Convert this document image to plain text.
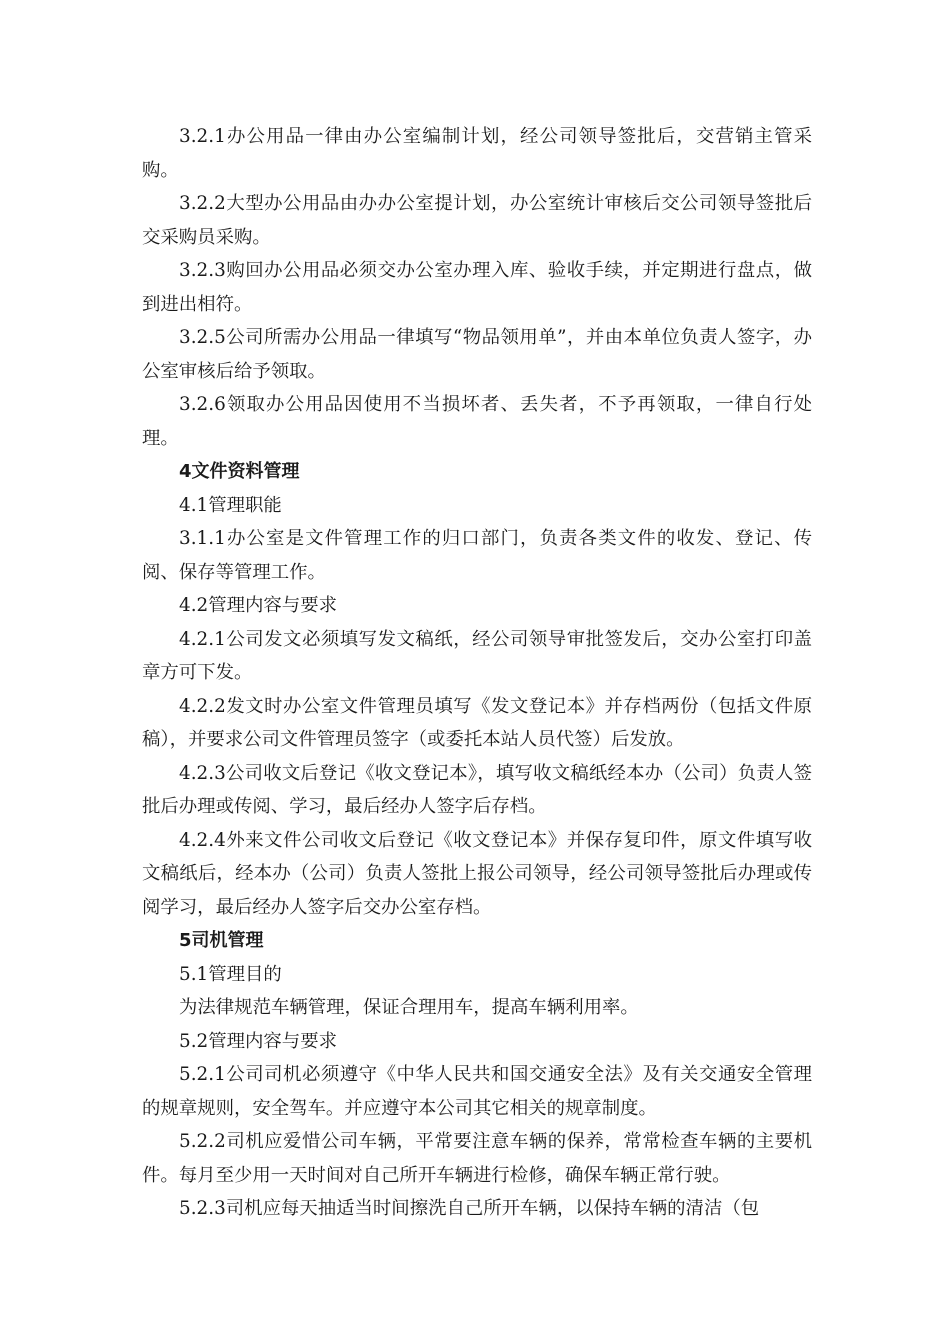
3.2.1办公用品一律由办公室编制计划，经公司领导签批后，交营销主管采购。

3.2.2大型办公用品由办办公室提计划，办公室统计审核后交公司领导签批后交采购员采购。

3.2.3购回办公用品必须交办公室办理入库、验收手续，并定期进行盘点，做到进出相符。

3.2.5公司所需办公用品一律填写“物品领用单”，并由本单位负责人签字，办公室审核后给予领取。

3.2.6领取办公用品因使用不当损坏者、丢失者，不予再领取，一律自行处理。

4文件资料管理

4.1管理职能

3.1.1办公室是文件管理工作的归口部门，负责各类文件的收发、登记、传阅、保存等管理工作。

4.2管理内容与要求

4.2.1公司发文必须填写发文稿纸，经公司领导审批签发后，交办公室打印盖章方可下发。

4.2.2发文时办公室文件管理员填写《发文登记本》并存档两份（包括文件原稿），并要求公司文件管理员签字（或委托本站人员代签）后发放。

4.2.3公司收文后登记《收文登记本》，填写收文稿纸经本办（公司）负责人签批后办理或传阅、学习，最后经办人签字后存档。

4.2.4外来文件公司收文后登记《收文登记本》并保存复印件，原文件填写收文稿纸后，经本办（公司）负责人签批上报公司领导，经公司领导签批后办理或传阅学习，最后经办人签字后交办公室存档。

5司机管理

5.1管理目的

为法律规范车辆管理，保证合理用车，提高车辆利用率。

5.2管理内容与要求

5.2.1公司司机必须遵守《中华人民共和国交通安全法》及有关交通安全管理的规章规则，安全驾车。并应遵守本公司其它相关的规章制度。

5.2.2司机应爱惜公司车辆，平常要注意车辆的保养，常常检查车辆的主要机件。每月至少用一天时间对自己所开车辆进行检修，确保车辆正常行驶。

5.2.3司机应每天抽适当时间擦洗自己所开车辆，以保持车辆的清洁（包
